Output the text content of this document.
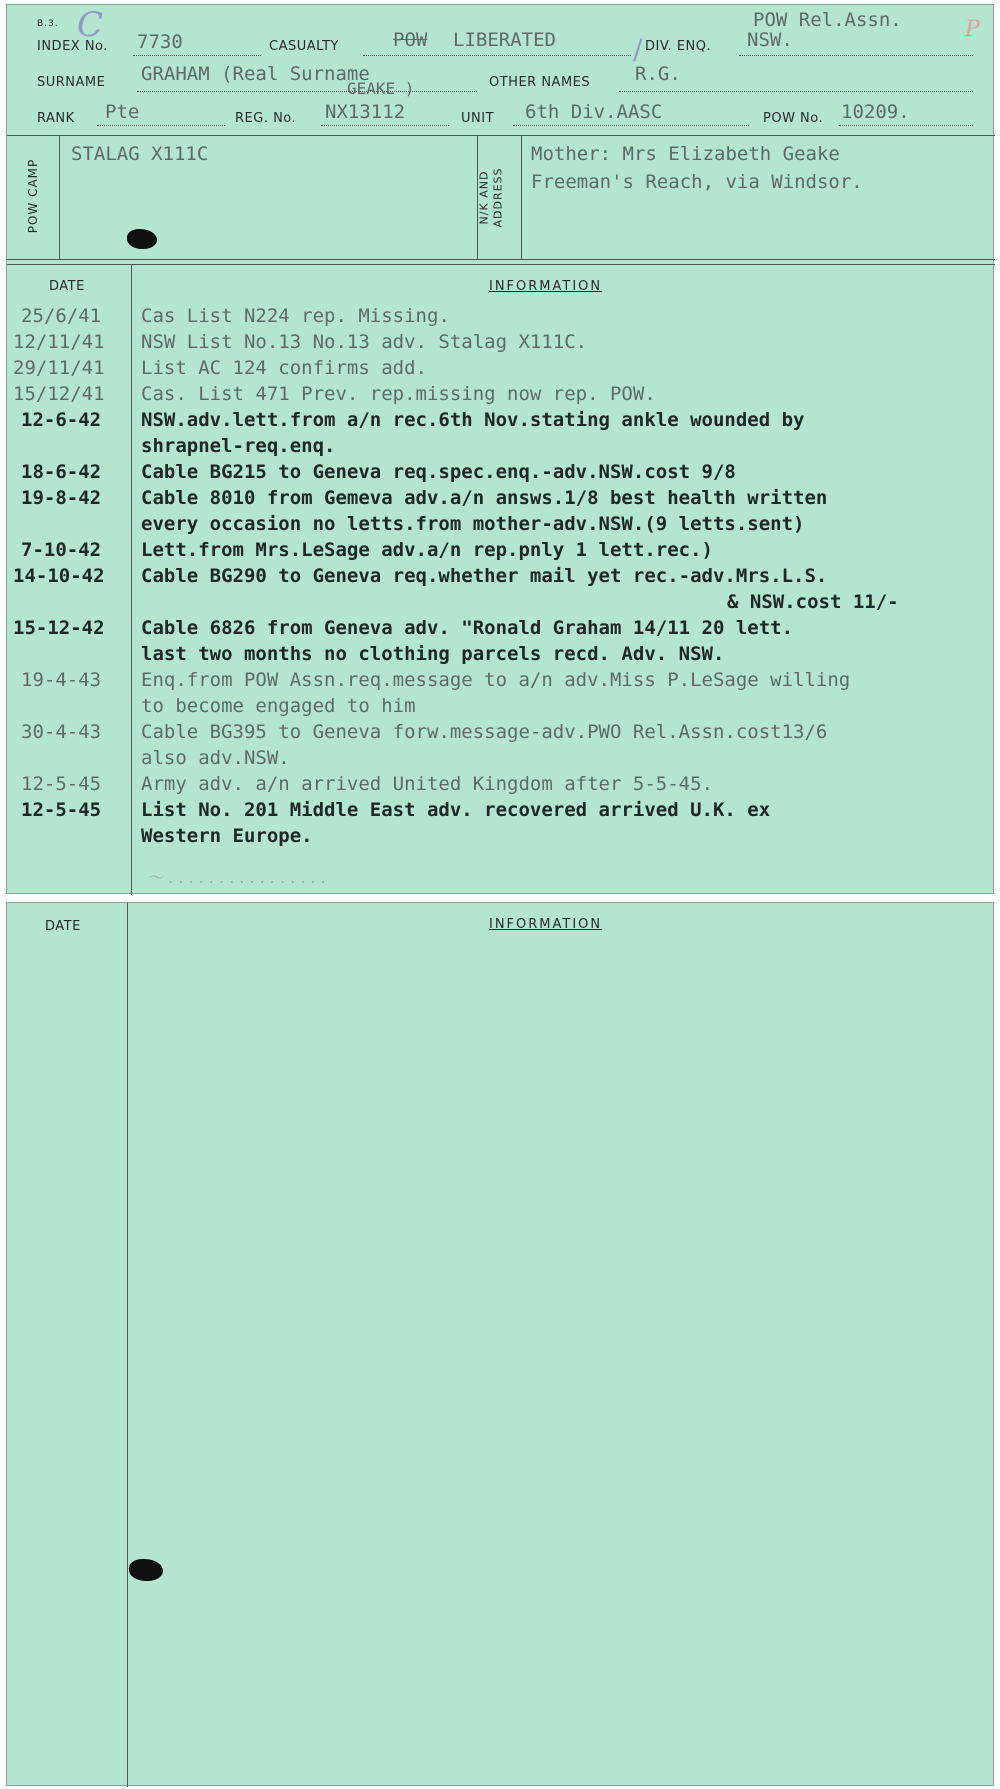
B.3. C	P
INDEX No. 7730	CASUALTY	POW LIBERATED	/ DIV. ENQ.
POW Rel.Assn.
NSW.
SURNAME GRAHAM (Real Surname
GEAKE )	OTHER NAMES R.G.
RANK Pte	REG. No. NX13112	UNIT 6th Div.AASC	POW No. 10209.
POW CAMP
STALAG X111C
N/K AND ADDRESS
Mother: Mrs Elizabeth Geake
Freeman's Reach, via Windsor.
DATE	INFORMATION
25/6/41 Cas List N224 rep. Missing.
12/11/41 NSW List No.13 No.13 adv. Stalag X111C.
29/11/41 List AC 124 confirms add.
15/12/41 Cas. List 471 Prev. rep.missing now rep. POW.
12-6-42 NSW.adv.lett.from a/n rec.6th Nov.stating ankle wounded by
shrapnel-req.enq.
18-6-42 Cable BG215 to Geneva req.spec.enq.-adv.NSW.cost 9/8
19-8-42 Cable 8010 from Gemeva adv.a/n answs.1/8 best health written
every occasion no letts.from mother-adv.NSW.(9 letts.sent)
7-10-42 Lett.from Mrs.LeSage adv.a/n rep.pnly 1 lett.rec.)
14-10-42 Cable BG290 to Geneva req.whether mail yet rec.-adv.Mrs.L.S.
& NSW.cost 11/-
15-12-42 Cable 6826 from Geneva adv. "Ronald Graham 14/11 20 lett.
last two months no clothing parcels recd. Adv. NSW.
19-4-43 Enq.from POW Assn.req.message to a/n adv.Miss P.LeSage willing
to become engaged to him
30-4-43 Cable BG395 to Geneva forw.message-adv.PWO Rel.Assn.cost13/6
also adv.NSW.
12-5-45 Army adv. a/n arrived United Kingdom after 5-5-45.
12-5-45 List No. 201 Middle East adv. recovered arrived U.K. ex
Western Europe.
〜 . . . . . . . . . . . . . . . .
DATE	INFORMATION
